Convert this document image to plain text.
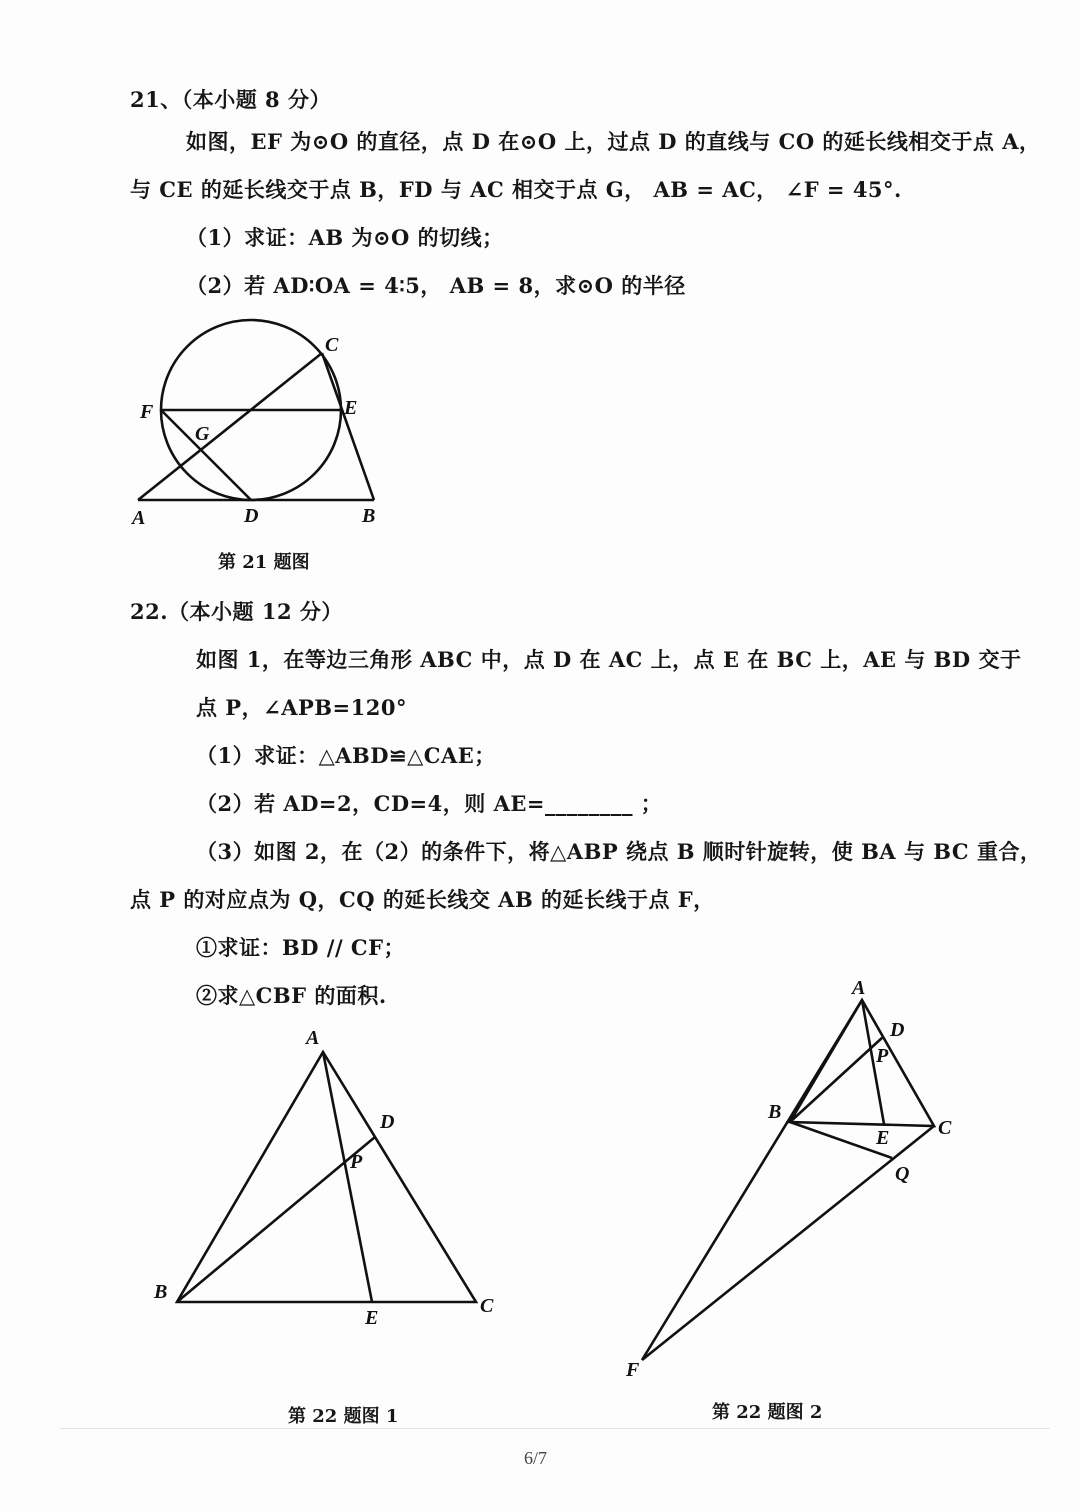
21、（本小题 8 分）
如图，EF 为⊙O 的直径，点 D 在⊙O 上，过点 D 的直线与 CO 的延长线相交于点 A，
与 CE 的延长线交于点 B，FD 与 AC 相交于点 G， AB = AC， ∠F = 45°.
（1）求证：AB 为⊙O 的切线；
（2）若 AD∶OA = 4∶5， AB = 8，求⊙O 的半径
C
F	E
G
A	D	B
第 21 题图
22.（本小题 12 分）
如图 1，在等边三角形 ABC 中，点 D 在 AC 上，点 E 在 BC 上，AE 与 BD 交于
点 P，∠APB=120°
（1）求证：△ABD≌△CAE；
（2）若 AD=2，CD=4，则 AE=________ ；
（3）如图 2，在（2）的条件下，将△ABP 绕点 B 顺时针旋转，使 BA 与 BC 重合，
点 P 的对应点为 Q，CQ 的延长线交 AB 的延长线于点 F，
①求证：BD // CF；
②求△CBF 的面积.
A
D
P
B
E
C
第 22 题图 1
A
D
P
B
E C
Q
F
第 22 题图 2
6/7
